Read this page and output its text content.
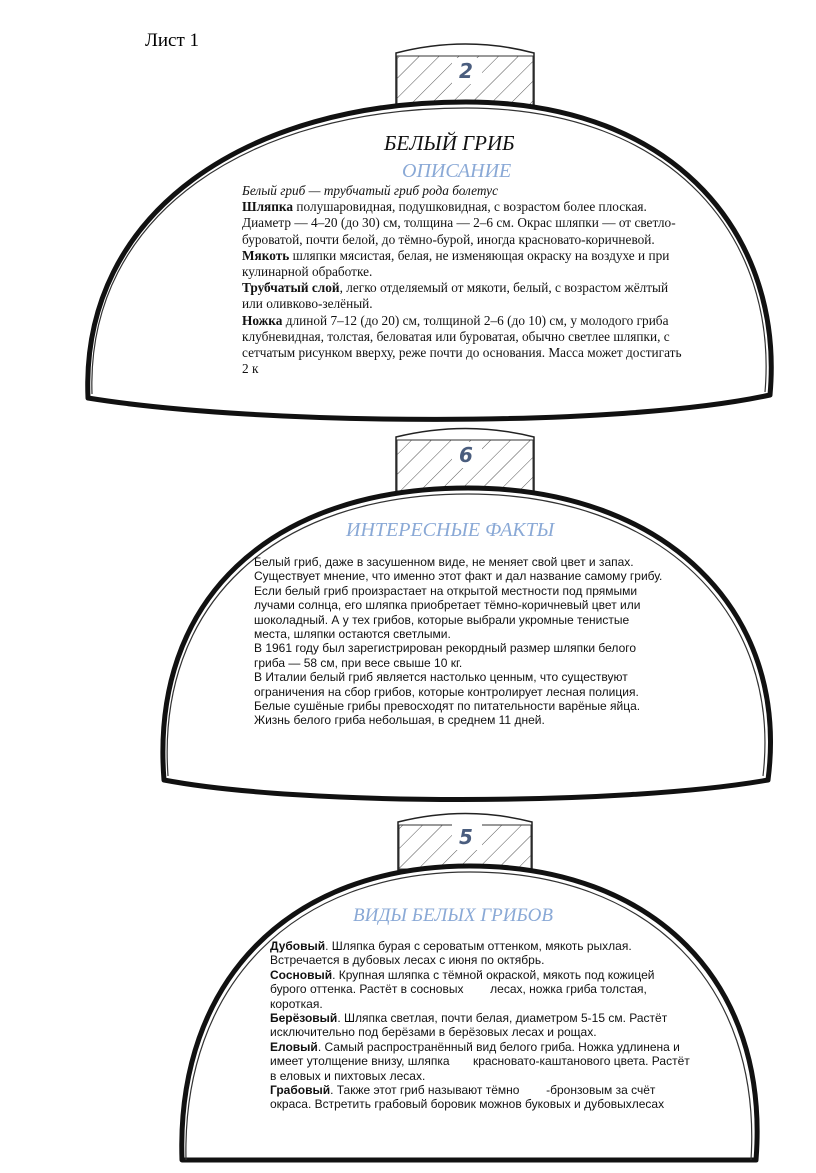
Лист 1
2
6
5
БЕЛЫЙ ГРИБ
ОПИСАНИЕ

Белый гриб — трубчатый гриб рода болетус

Шляпка полушаровидная, подушковидная, с возрастом более плоская. Диаметр — 4–20 (до 30) см, толщина — 2–6 см. Окрас шляпки — от светло-буроватой, почти белой, до тёмно-бурой, иногда красновато-коричневой.

Мякоть шляпки мясистая, белая, не изменяющая окраску на воздухе и при кулинарной обработке.

Трубчатый слой, легко отделяемый от мякоти, белый, с возрастом жёлтый или оливково-зелёный.

Ножка длиной 7–12 (до 20) см, толщиной 2–6 (до 10) см, у молодого гриба клубневидная, толстая, беловатая или буроватая, обычно светлее шляпки, с сетчатым рисунком вверху, реже почти до основания. Масса может достигать 2 к

ИНТЕРЕСНЫЕ ФАКТЫ

Белый гриб, даже в засушенном виде, не меняет свой цвет и запах. Существует мнение, что именно этот факт и дал название самому грибу.

Если белый гриб произрастает на открытой местности под прямыми лучами солнца, его шляпка приобретает тёмно-коричневый цвет или шоколадный. А у тех грибов, которые выбрали укромные тенистые места, шляпки остаются светлыми.

В 1961 году был зарегистрирован рекордный размер шляпки белого гриба — 58 см, при весе свыше 10 кг.

В Италии белый гриб является настолько ценным, что существуют ограничения на сбор грибов, которые контролирует лесная полиция.

Белые сушёные грибы превосходят по питательности варёные яйца.

Жизнь белого гриба небольшая, в среднем 11 дней.

ВИДЫ БЕЛЫХ ГРИБОВ

Дубовый. Шляпка бурая с сероватым оттенком, мякоть рыхлая. Встречается в дубовых лесах с июня по октябрь.

Сосновый. Крупная шляпка с тёмной окраской, мякоть под кожицей бурого оттенка. Растёт в сосновых        лесах, ножка гриба толстая, короткая.

Берёзовый. Шляпка светлая, почти белая, диаметром 5-15 см. Растёт исключительно под берёзами в берёзовых лесах и рощах.

Еловый. Самый распространённый вид белого гриба. Ножка удлинена и имеет утолщение внизу, шляпка       красновато-каштанового цвета. Растёт в еловых и пихтовых лесах.

Грабовый. Также этот гриб называют тёмно        -бронзовым за счёт окраса. Встретить грабовый боровик можнов буковых и дубовыхлесах
